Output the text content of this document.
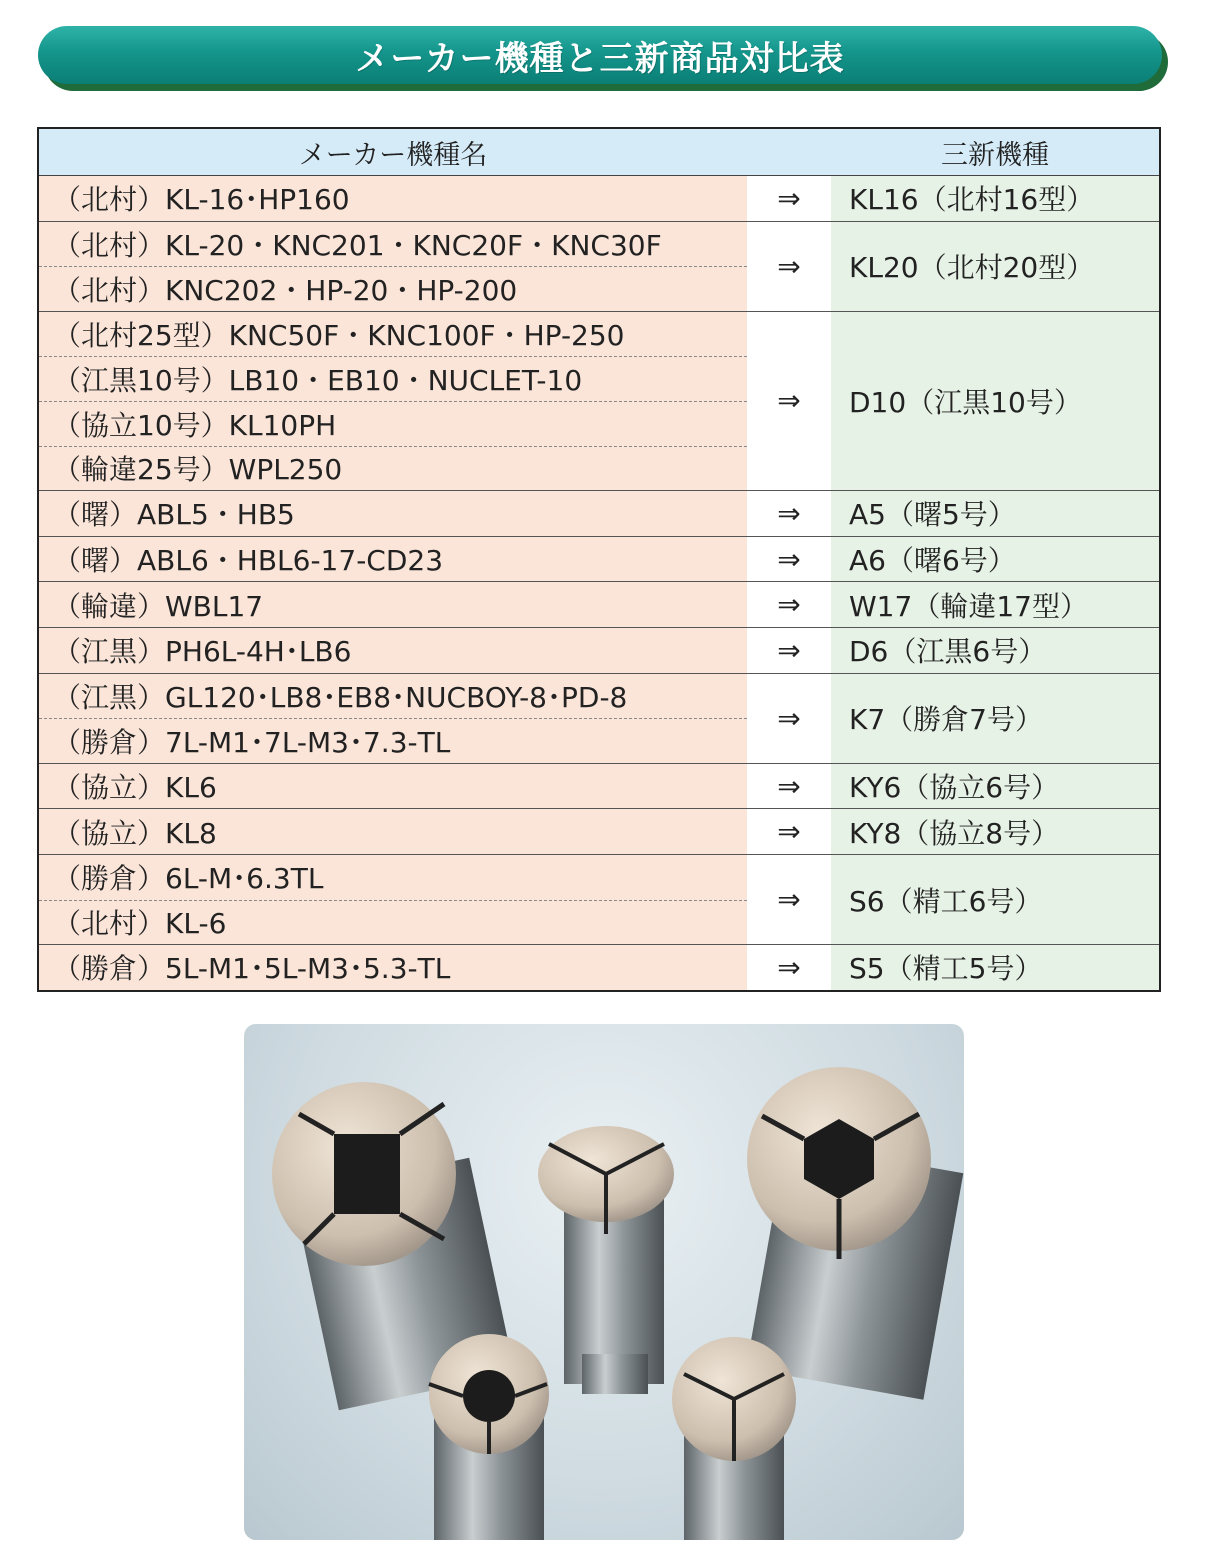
メーカー機種と三新商品対比表
メーカー機種名	三新機種
（北村）KL-16･HP160	⇒	KL16（北村16型）
（北村）KL-20・KNC201・KNC20F・KNC30F
（北村）KNC202・HP-20・HP-200
⇒	KL20（北村20型）
（北村25型）KNC50F・KNC100F・HP-250
（江黒10号）LB10・EB10・NUCLET-10
（協立10号）KL10PH
（輪違25号）WPL250
⇒	D10（江黒10号）
（曙）ABL5・HB5	⇒	A5（曙5号）
（曙）ABL6・HBL6-17-CD23	⇒	A6（曙6号）
（輪違）WBL17	⇒	W17（輪違17型）
（江黒）PH6L-4H･LB6	⇒	D6（江黒6号）
（江黒）GL120･LB8･EB8･NUCBOY-8･PD-8
（勝倉）7L-M1･7L-M3･7.3-TL
⇒	K7（勝倉7号）
（協立）KL6	⇒	KY6（協立6号）
（協立）KL8	⇒	KY8（協立8号）
（勝倉）6L-M･6.3TL
（北村）KL-6
⇒	S6（精工6号）
（勝倉）5L-M1･5L-M3･5.3-TL	⇒	S5（精工5号）
